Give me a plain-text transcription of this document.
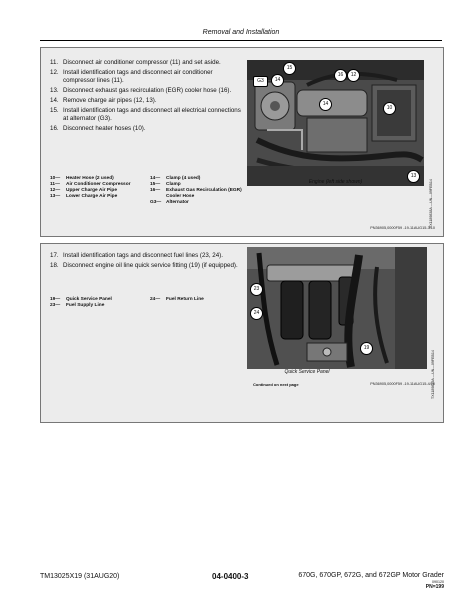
Removal and Installation
11. Disconnect air conditioner compressor (11) and set aside.
12. Install identification tags and disconnect air conditioner compressor lines (11).
13. Disconnect exhaust gas recirculation (EGR) cooler hose (16).
14. Remove charge air pipes (12, 13).
15. Install identification tags and disconnect all electrical connections at alternator (G3).
16. Disconnect heater hoses (10).
10—	Heater Hose (2 used)
11—	Air Conditioner Compressor
12—	Upper Charge Air Pipe
13—	Lower Charge Air Pipe
14—	Clamp (4 used)
15—	Clamp
16—	Exhaust Gas Recirculation (EGR) Cooler Hose
G3— Alternator
G3	14
15
16	12
14
10
13
Engine (left side shown)	TX1189838A —UN—09FEB14
PN36905,0000F59 -19-11AUG15-3/10
17. Install identification tags and disconnect fuel lines (23, 24).
18. Disconnect engine oil line quick service fitting (19) (if equipped).
19—	Quick Service Panel
23—	Fuel Supply Line
24—	Fuel Return Line
23
24
19
Quick Service Panel	TX1189839A —UN—09FEB14
Continued on next page	PN36905,0000F59 -19-11AUG15-4/10
TM13025X19 (31AUG20)	04-0400-3	670G, 670GP, 672G, and 672GP Motor Grader
090120
PN=199
